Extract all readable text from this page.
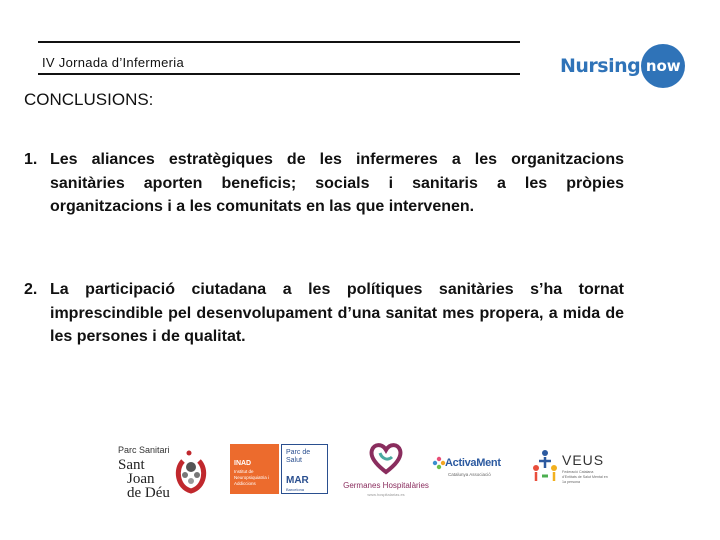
IV Jornada d’Infermeria	Nursing now
CONCLUSIONS:
1. Les aliances estratègiques de les infermeres a les organitzacions sanitàries aporten beneficis; socials i sanitaris a les pròpies organitzacions i a les comunitats en las que intervenen.
2. La participació ciutadana a les polítiques sanitàries s’ha tornat imprescindible pel desenvolupament d’una sanitat mes propera, a mida de les persones i de qualitat.
Parc Sanitari
Sant
Joan
de Déu
INAD
Institut de Neuropsiquiatria i Addiccions
Parc de Salut
MAR
Barcelona	Germanes Hospitalàries
www.hospitalarias.es
ActivaMent
Catalunya Associació
VEUS
Federació Catalana d’Entitats de Salut Mental en 1a persona
